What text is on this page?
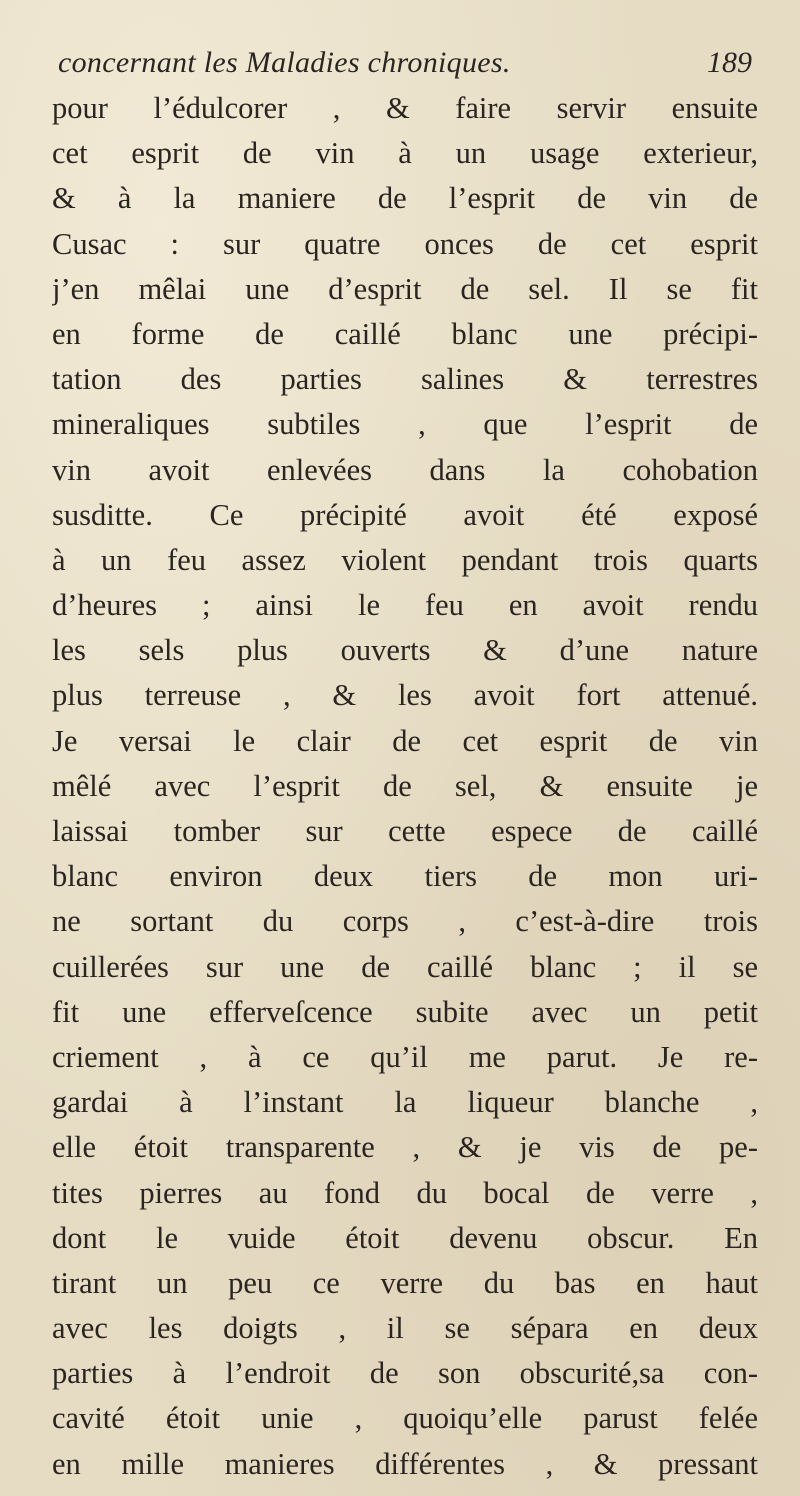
concernant les Maladies chroniques.	189
pour l’édulcorer , & faire servir ensuite
cet esprit de vin à un usage exterieur,
& à la maniere de l’esprit de vin de
Cusac : sur quatre onces de cet esprit
j’en mêlai une d’esprit de sel. Il se fit
en forme de caillé blanc une précipi-
tation des parties salines & terrestres
mineraliques subtiles , que l’esprit de
vin avoit enlevées dans la cohobation
susditte. Ce précipité avoit été exposé
à un feu assez violent pendant trois quarts
d’heures ; ainsi le feu en avoit rendu
les sels plus ouverts & d’une nature
plus terreuse , & les avoit fort attenué.
Je versai le clair de cet esprit de vin
mêlé avec l’esprit de sel, & ensuite je
laissai tomber sur cette espece de caillé
blanc environ deux tiers de mon uri-
ne sortant du corps , c’est-à-dire trois
cuillerées sur une de caillé blanc ; il se
fit une efferveſcence subite avec un petit
criement , à ce qu’il me parut. Je re-
gardai à l’instant la liqueur blanche ,
elle étoit transparente , & je vis de pe-
tites pierres au fond du bocal de verre ,
dont le vuide étoit devenu obscur. En
tirant un peu ce verre du bas en haut
avec les doigts , il se sépara en deux
parties à l’endroit de son obscurité,sa con-
cavité étoit unie , quoiqu’elle parust felée
en mille manieres différentes , & pressant
